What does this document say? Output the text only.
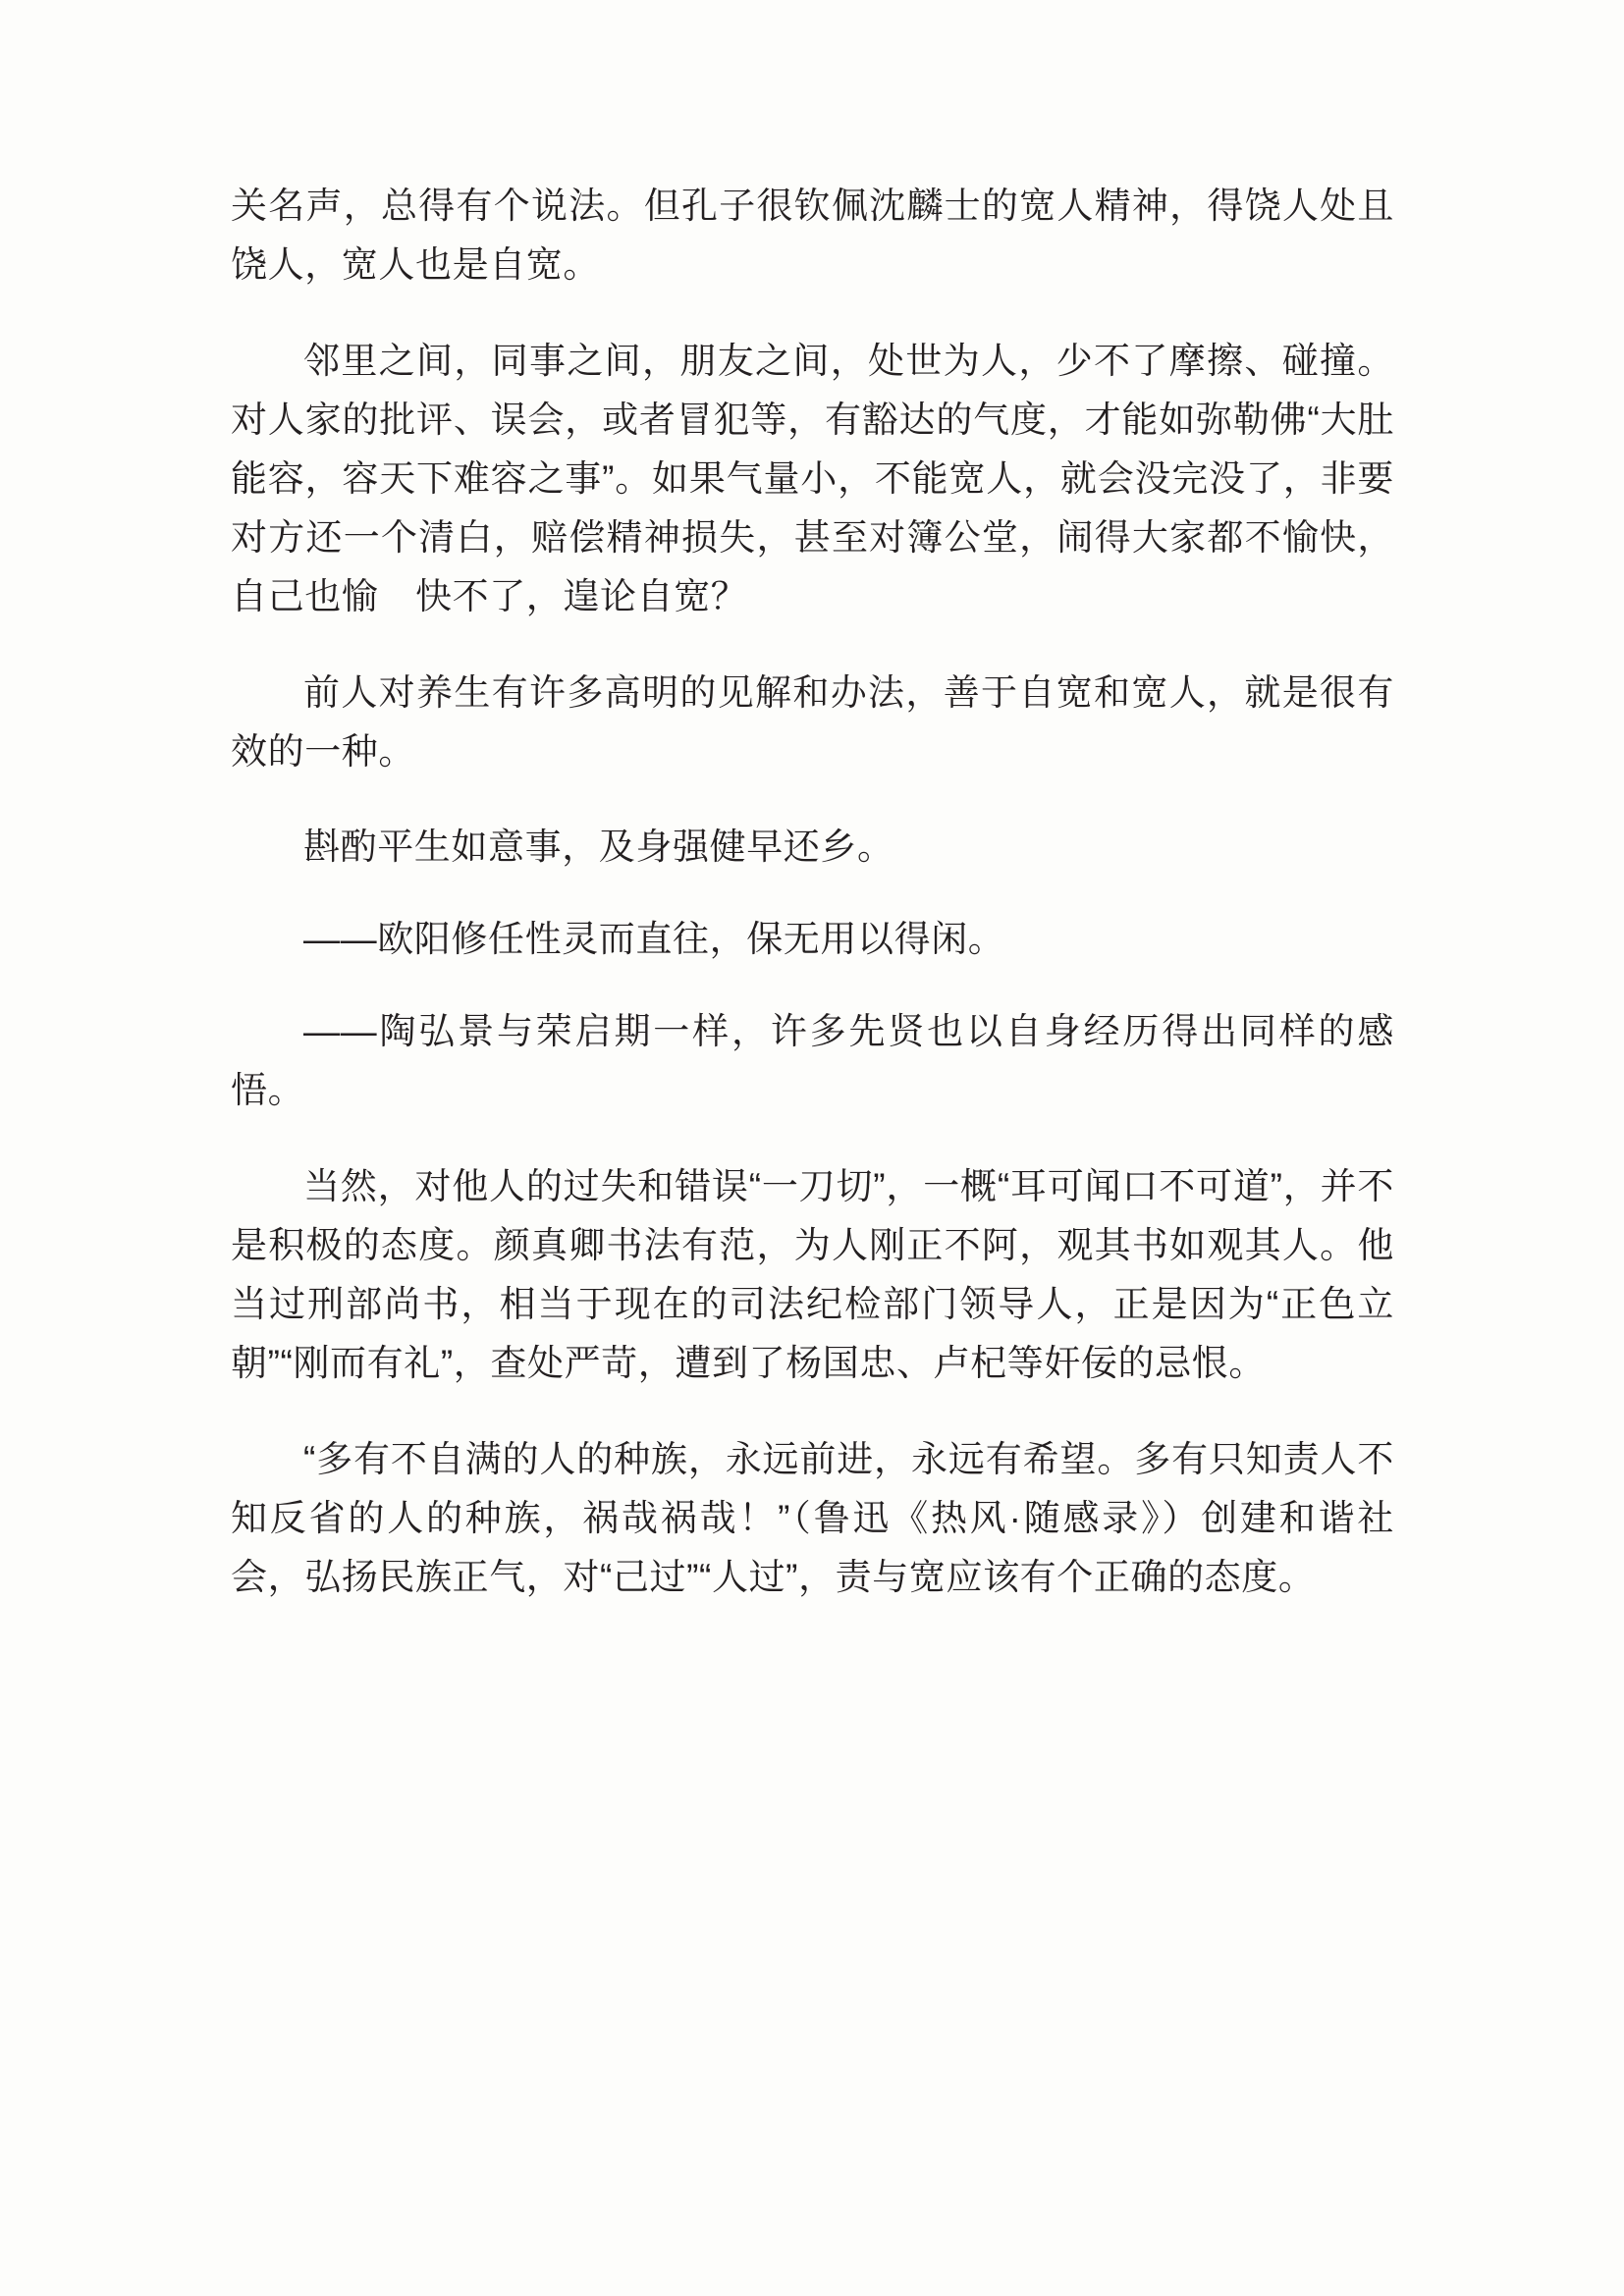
关名声，总得有个说法。但孔子很钦佩沈麟士的宽人精神，得饶人处且饶人，宽人也是自宽。

邻里之间，同事之间，朋友之间，处世为人，少不了摩擦、碰撞。对人家的批评、误会，或者冒犯等，有豁达的气度，才能如弥勒佛“大肚能容，容天下难容之事”。如果气量小，不能宽人，就会没完没了，非要对方还一个清白，赔偿精神损失，甚至对簿公堂，闹得大家都不愉快，自己也愉　快不了，遑论自宽？

前人对养生有许多高明的见解和办法，善于自宽和宽人，就是很有效的一种。

斟酌平生如意事，及身强健早还乡。

——欧阳修任性灵而直往，保无用以得闲。

——陶弘景与荣启期一样，许多先贤也以自身经历得出同样的感悟。

当然，对他人的过失和错误“一刀切”，一概“耳可闻口不可道”，并不是积极的态度。颜真卿书法有范，为人刚正不阿，观其书如观其人。他当过刑部尚书，相当于现在的司法纪检部门领导人，正是因为“正色立朝”“刚而有礼”，查处严苛，遭到了杨国忠、卢杞等奸佞的忌恨。

“多有不自满的人的种族，永远前进，永远有希望。多有只知责人不知反省的人的种族，祸哉祸哉！”（鲁迅《热风·随感录》）创建和谐社会，弘扬民族正气，对“己过”“人过”，责与宽应该有个正确的态度。
